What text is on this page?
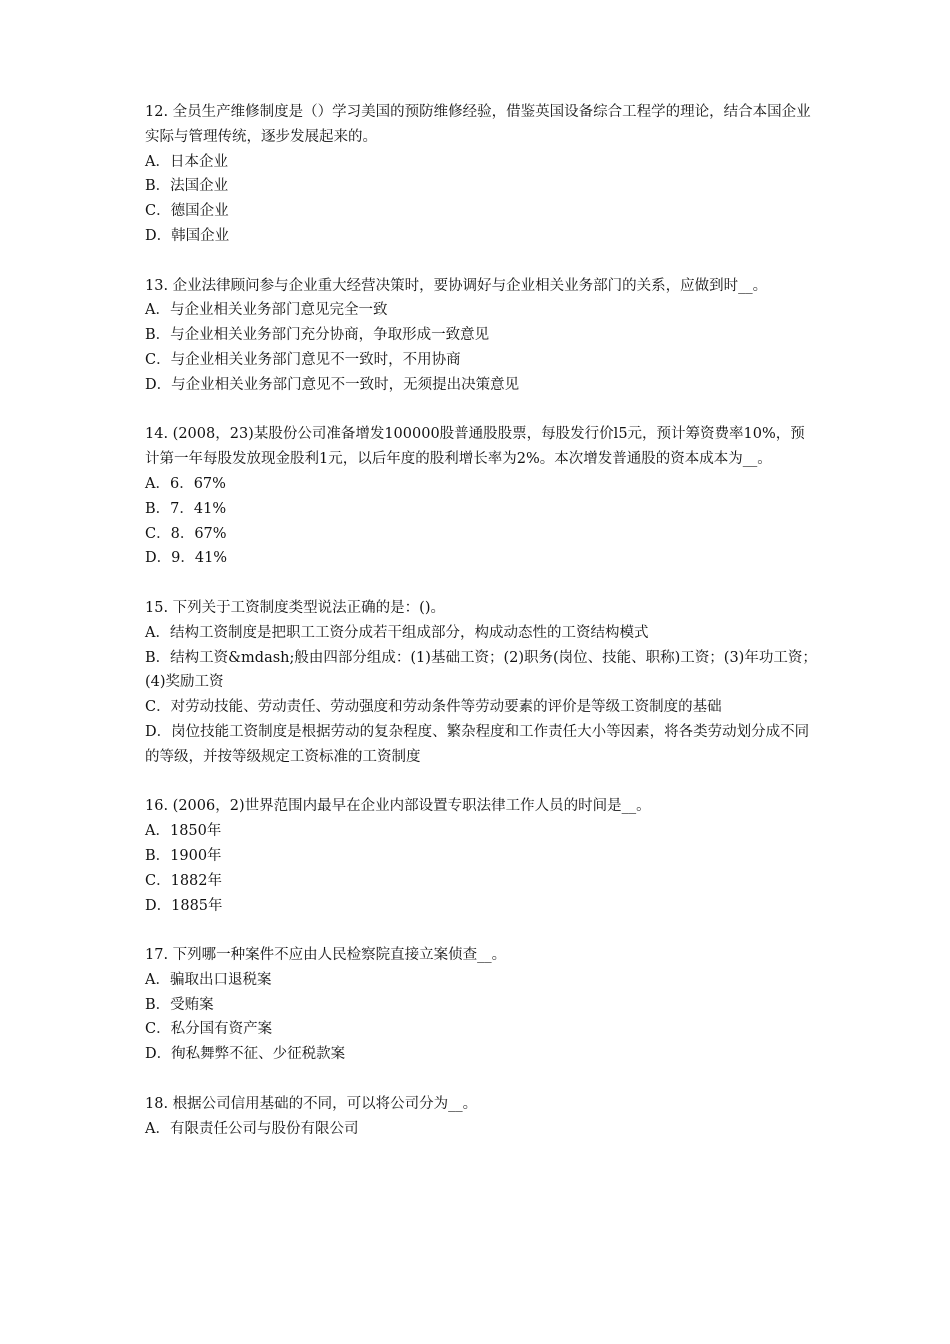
12. 全员生产维修制度是（）学习美国的预防维修经验，借鉴英国设备综合工程学的理论，结合本国企业实际与管理传统，逐步发展起来的。

A．日本企业

B．法国企业

C．德国企业

D．韩国企业

13. 企业法律顾问参与企业重大经营决策时，要协调好与企业相关业务部门的关系，应做到时__。

A．与企业相关业务部门意见完全一致

B．与企业相关业务部门充分协商，争取形成一致意见

C．与企业相关业务部门意见不一致时，不用协商

D．与企业相关业务部门意见不一致时，无须提出决策意见

14. (2008，23)某股份公司准备增发100000股普通股股票，每股发行价l5元，预计筹资费率10%，预计第一年每股发放现金股利1元，以后年度的股利增长率为2%。本次增发普通股的资本成本为__。

A．6．67%

B．7．41%

C．8．67%

D．9．41%

15. 下列关于工资制度类型说法正确的是：()。

A．结构工资制度是把职工工资分成若干组成部分，构成动态性的工资结构模式

B．结构工资&mdash;般由四部分组成：(1)基础工资；(2)职务(岗位、技能、职称)工资；(3)年功工资；(4)奖励工资

C．对劳动技能、劳动责任、劳动强度和劳动条件等劳动要素的评价是等级工资制度的基础

D．岗位技能工资制度是根据劳动的复杂程度、繁杂程度和工作责任大小等因素，将各类劳动划分成不同的等级，并按等级规定工资标准的工资制度

16. (2006，2)世界范围内最早在企业内部设置专职法律工作人员的时间是__。

A．1850年

B．1900年

C．1882年

D．1885年

17. 下列哪一种案件不应由人民检察院直接立案侦查__。

A．骗取出口退税案

B．受贿案

C．私分国有资产案

D．徇私舞弊不征、少征税款案

18. 根据公司信用基础的不同，可以将公司分为__。

A．有限责任公司与股份有限公司
